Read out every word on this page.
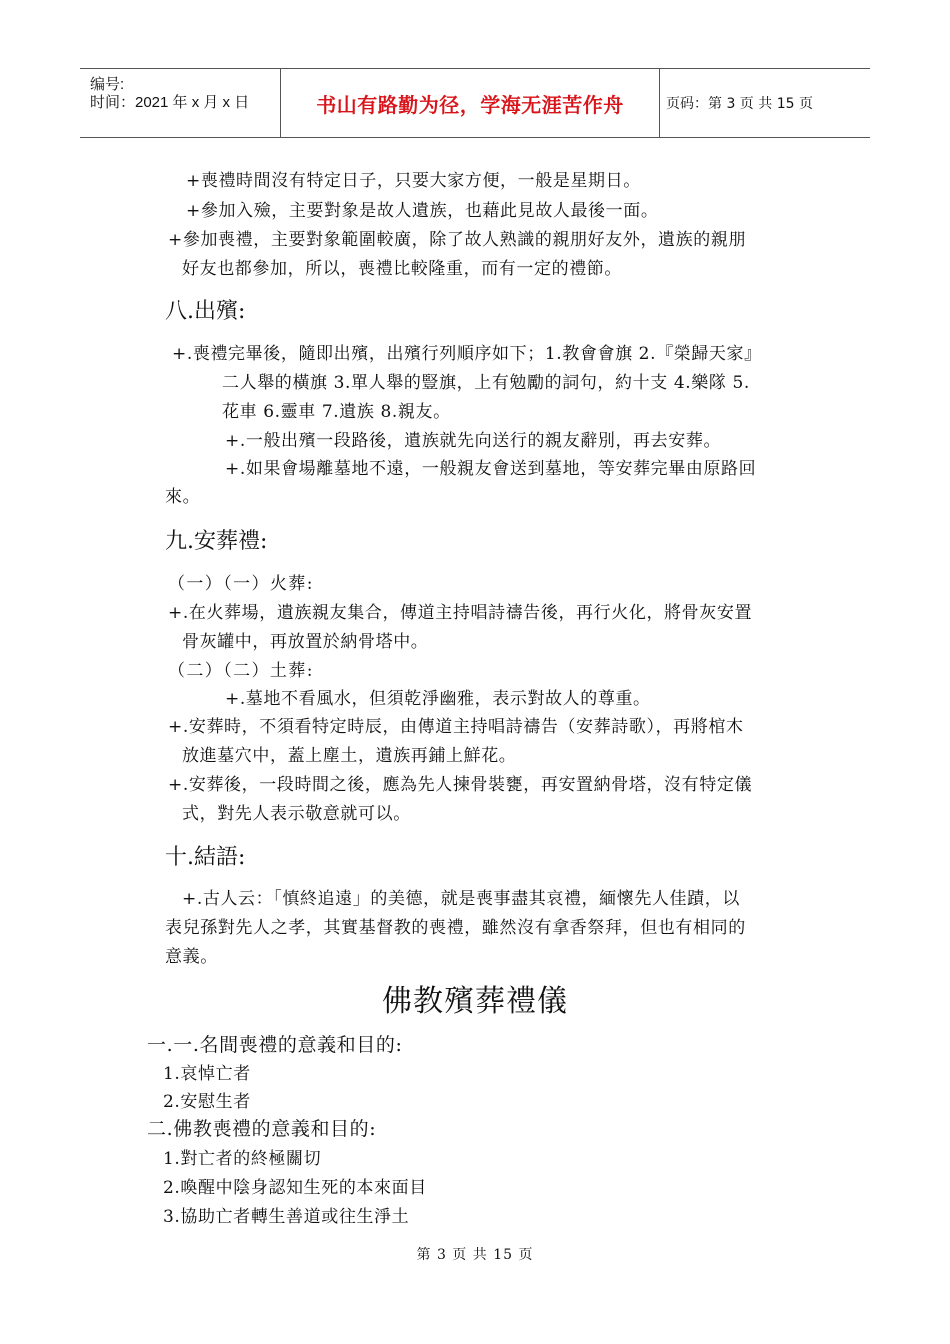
编号:
时间：2021 年 x 月 x 日	书山有路勤为径，学海无涯苦作舟	页码：第 3 页 共 15 页
+喪禮時間沒有特定日子，只要大家方便，一般是星期日。
+參加入殮，主要對象是故人遺族，也藉此見故人最後一面。
+參加喪禮，主要對象範圍較廣，除了故人熟識的親朋好友外，遺族的親朋
好友也都參加，所以，喪禮比較隆重，而有一定的禮節。
八.出殯:
+.喪禮完畢後，隨即出殯，出殯行列順序如下；1.教會會旗 2.『榮歸天家』
二人舉的橫旗 3.單人舉的豎旗，上有勉勵的詞句，約十支 4.樂隊 5.
花車 6.靈車 7.遺族 8.親友。
+.一般出殯一段路後，遺族就先向送行的親友辭別，再去安葬。
+.如果會場離墓地不遠，一般親友會送到墓地，等安葬完畢由原路回
來。
九.安葬禮:
（一）（一）火葬:
+.在火葬場，遺族親友集合，傳道主持唱詩禱告後，再行火化，將骨灰安置
骨灰罐中，再放置於納骨塔中。
（二）（二）土葬:
+.墓地不看風水，但須乾淨幽雅，表示對故人的尊重。
+.安葬時，不須看特定時辰，由傳道主持唱詩禱告（安葬詩歌），再將棺木
放進墓穴中，蓋上塵土，遺族再鋪上鮮花。
+.安葬後，一段時間之後，應為先人揀骨裝甕，再安置納骨塔，沒有特定儀
式，對先人表示敬意就可以。
十.結語:
+.古人云：「慎終追遠」的美德，就是喪事盡其哀禮，緬懷先人佳蹟，以
表兒孫對先人之孝，其實基督教的喪禮，雖然沒有拿香祭拜，但也有相同的
意義。
佛教殯葬禮儀
一.一.名間喪禮的意義和目的:
1.哀悼亡者
2.安慰生者
二.佛教喪禮的意義和目的:
1.對亡者的終極關切
2.喚醒中陰身認知生死的本來面目
3.協助亡者轉生善道或往生淨土
第 3 页 共 15 页
